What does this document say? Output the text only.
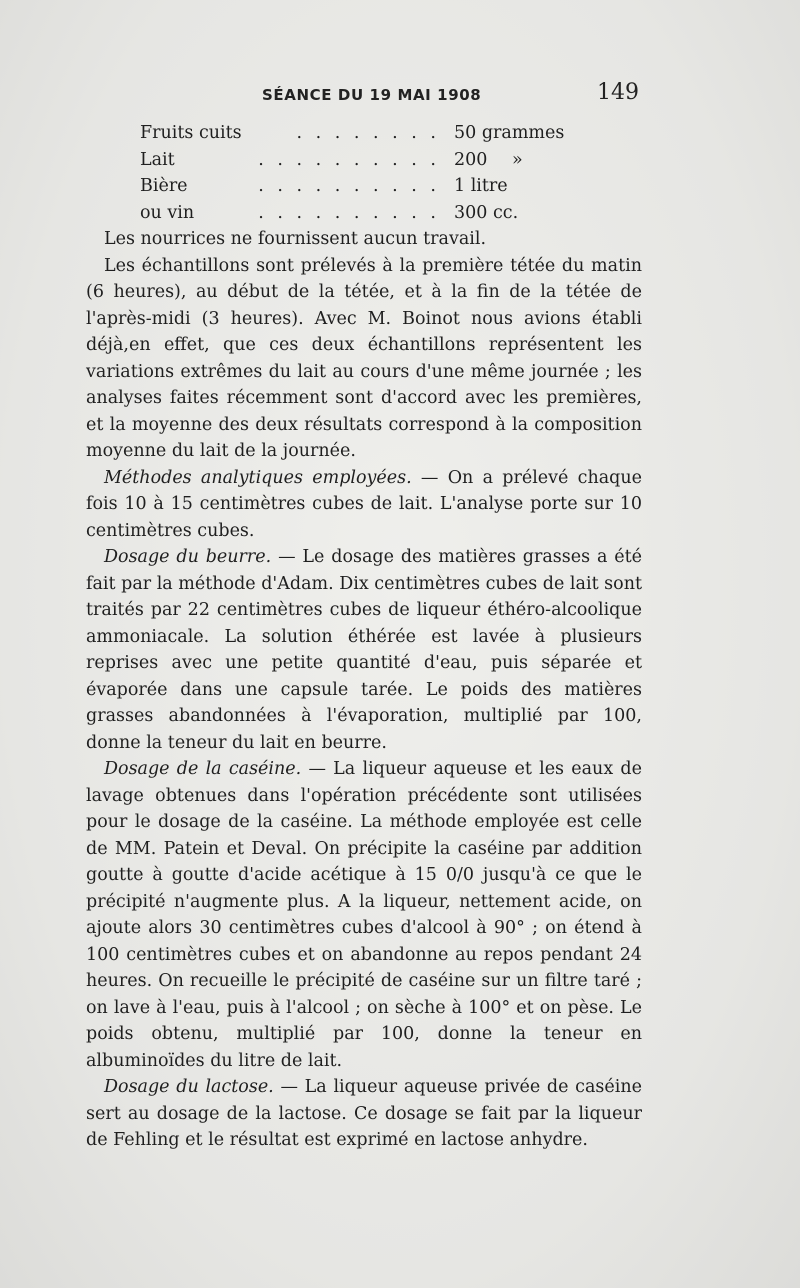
SÉANCE DU 19 MAI 1908	149
Fruits cuits	. . . . . . . . 50 grammes
Lait	. . . . . . . . . . 200 »
Bière	. . . . . . . . . . 1 litre
ou vin	. . . . . . . . . . 300 cc.

Les nourrices ne fournissent aucun travail.

Les échantillons sont prélevés à la première tétée du matin (6 heures), au début de la tétée, et à la fin de la tétée de l'après-midi (3 heures). Avec M. Boinot nous avions établi déjà,en effet, que ces deux échantillons représentent les variations extrêmes du lait au cours d'une même journée ; les analyses faites récemment sont d'accord avec les premières, et la moyenne des deux résultats correspond à la composition moyenne du lait de la journée.

Méthodes analytiques employées. — On a prélevé chaque fois 10 à 15 centimètres cubes de lait. L'analyse porte sur 10 centimètres cubes.

Dosage du beurre. — Le dosage des matières grasses a été fait par la méthode d'Adam. Dix centimètres cubes de lait sont traités par 22 centimètres cubes de liqueur éthéro-alcoolique ammoniacale. La solution éthérée est lavée à plusieurs reprises avec une petite quantité d'eau, puis séparée et évaporée dans une capsule tarée. Le poids des matières grasses abandonnées à l'évaporation, multiplié par 100, donne la teneur du lait en beurre.

Dosage de la caséine. — La liqueur aqueuse et les eaux de lavage obtenues dans l'opération précédente sont utilisées pour le dosage de la caséine. La méthode employée est celle de MM. Patein et Deval. On précipite la caséine par addition goutte à goutte d'acide acétique à 15 0/0 jusqu'à ce que le précipité n'augmente plus. A la liqueur, nettement acide, on ajoute alors 30 centimètres cubes d'alcool à 90° ; on étend à 100 centimètres cubes et on abandonne au repos pendant 24 heures. On recueille le précipité de caséine sur un filtre taré ; on lave à l'eau, puis à l'alcool ; on sèche à 100° et on pèse. Le poids obtenu, multiplié par 100, donne la teneur en albuminoïdes du litre de lait.

Dosage du lactose. — La liqueur aqueuse privée de caséine sert au dosage de la lactose. Ce dosage se fait par la liqueur de Fehling et le résultat est exprimé en lactose anhydre.
